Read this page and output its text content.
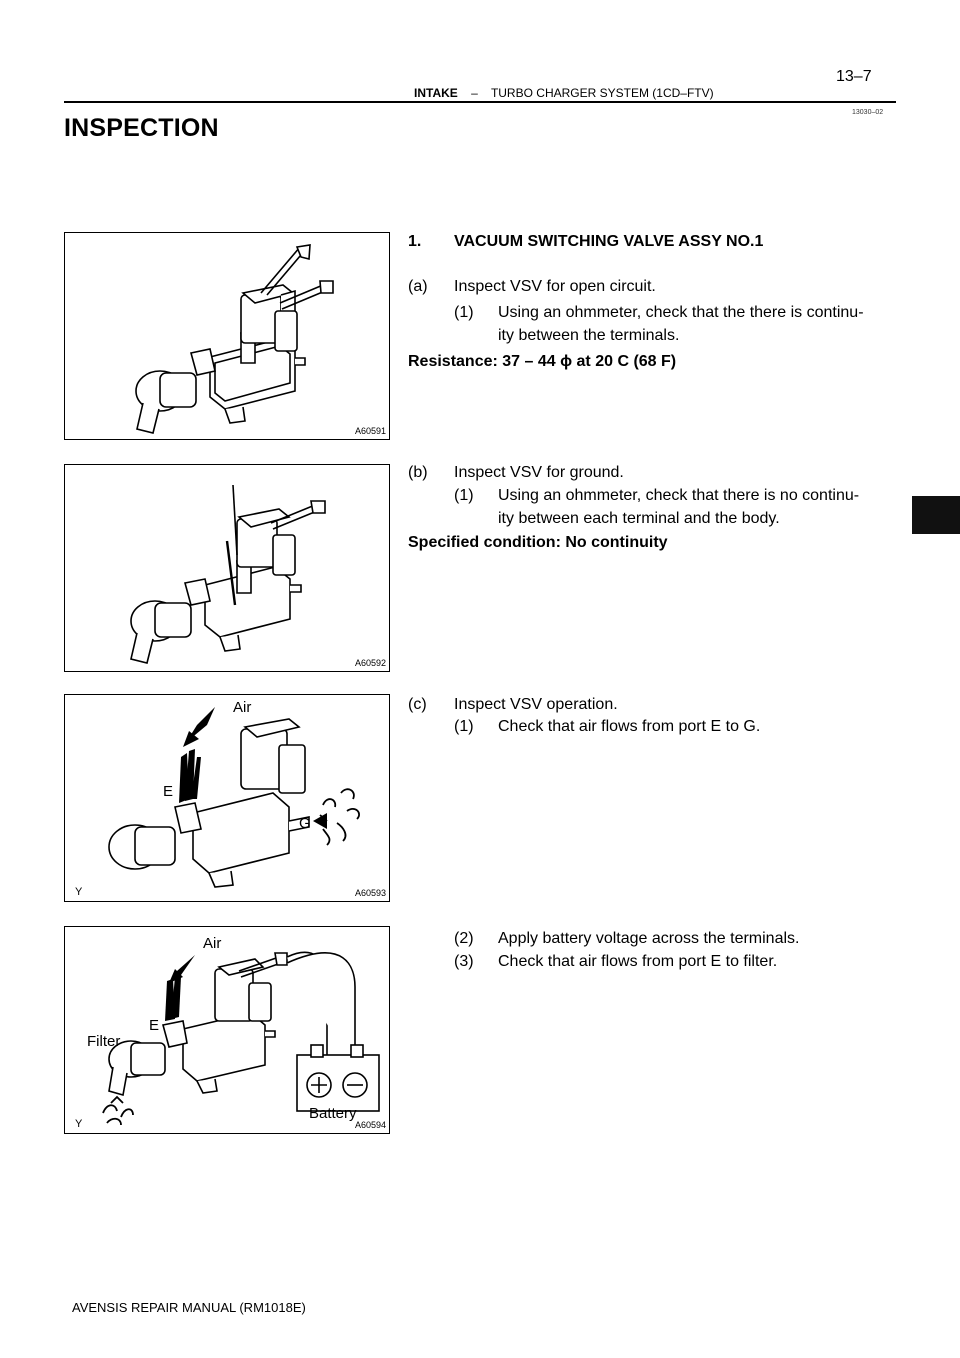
13–7
INTAKE – TURBO CHARGER SYSTEM (1CD–FTV)
13030–02
INSPECTION
A60591
A60592
Air
E
G
Y	A60593
Air
E
Filter
Battery
Y	A60594
1. VACUUM SWITCHING VALVE ASSY NO.1
(a) Inspect VSV for open circuit.
(1) Using an ohmmeter, check that the there is continu-
ity between the terminals.
Resistance: 37 – 44 ϕ at 20 C (68 F)
(b) Inspect VSV for ground.
(1) Using an ohmmeter, check that there is no continu-
ity between each terminal and the body.
Specified condition: No continuity
(c) Inspect VSV operation.
(1) Check that air flows from port E to G.
(2) Apply battery voltage across the terminals.
(3) Check that air flows from port E to filter.
AVENSIS REPAIR MANUAL (RM1018E)
